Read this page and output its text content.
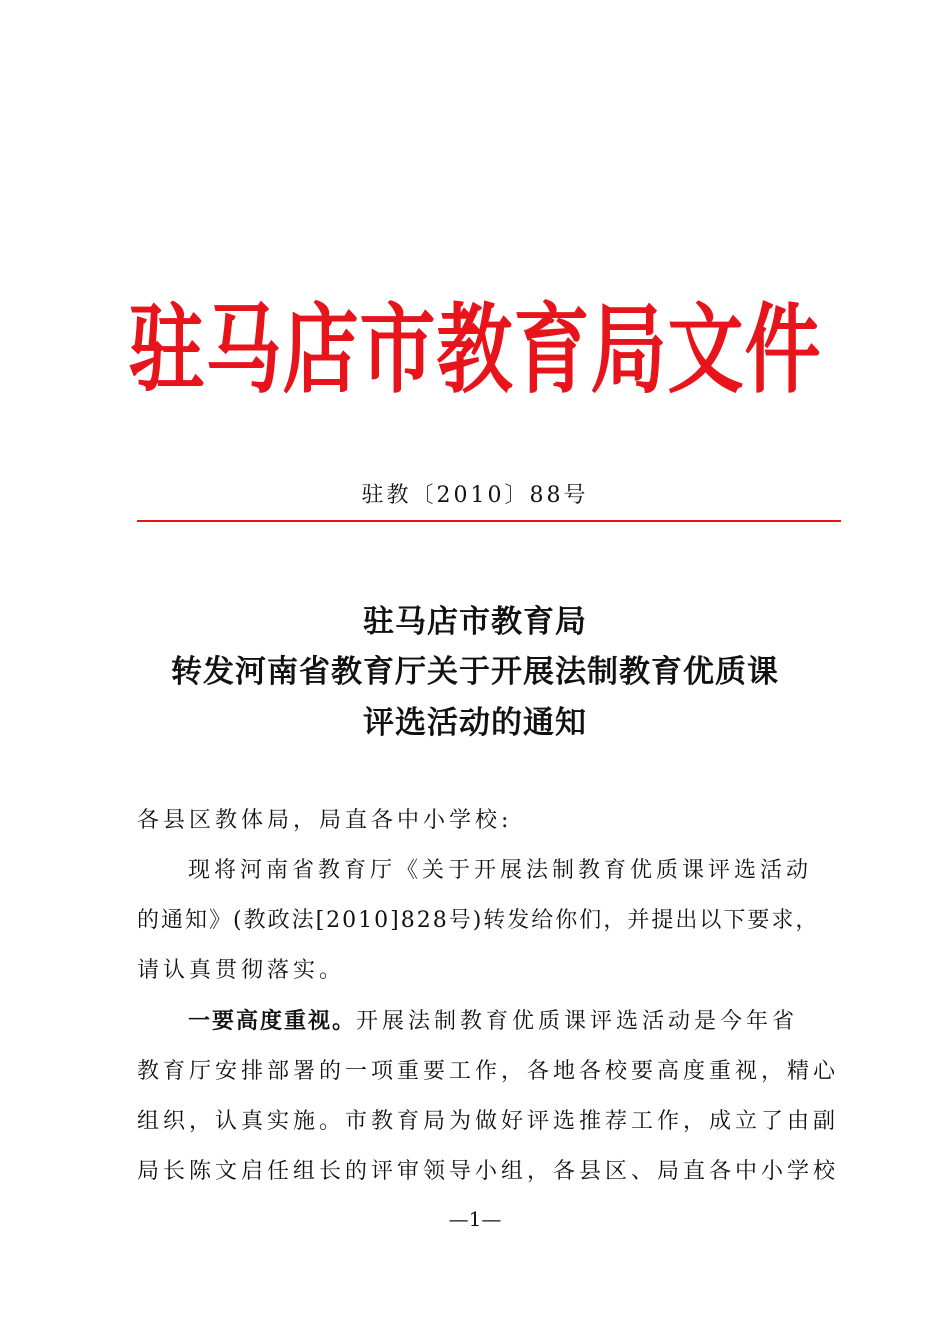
驻马店市教育局文件
驻教〔2010〕88号
驻马店市教育局
转发河南省教育厅关于开展法制教育优质课
评选活动的通知
各县区教体局，局直各中小学校:
现将河南省教育厅《关于开展法制教育优质课评选活动
的通知》(教政法[2010]828号)转发给你们，并提出以下要求，
请认真贯彻落实。
一要高度重视。开展法制教育优质课评选活动是今年省
教育厅安排部署的一项重要工作，各地各校要高度重视，精心
组织，认真实施。市教育局为做好评选推荐工作，成立了由副
局长陈文启任组长的评审领导小组，各县区、局直各中小学校
—1—
